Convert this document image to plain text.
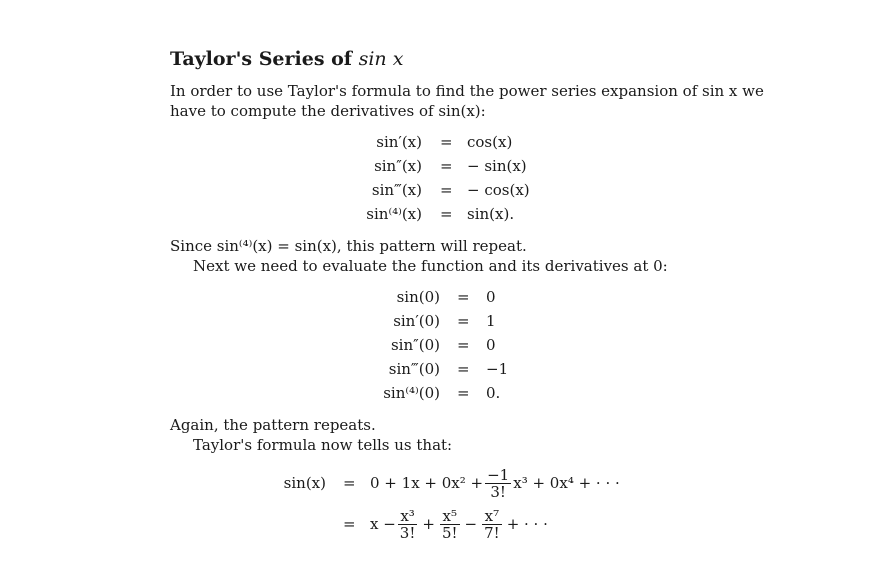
Taylor's Series of sin x
In order to use Taylor's formula to find the power series expansion of sin x we
have to compute the derivatives of sin(x):
sin′(x) = cos(x)
sin″(x) = − sin(x)
sin‴(x) = − cos(x)
sin⁽⁴⁾(x) = sin(x).
Since sin⁽⁴⁾(x) = sin(x), this pattern will repeat.
Next we need to evaluate the function and its derivatives at 0:
sin(0) = 0
sin′(0) = 1
sin″(0) = 0
sin‴(0) = −1
sin⁽⁴⁾(0) = 0.
Again, the pattern repeats.
Taylor's formula now tells us that:
$\sin(x) = 0 + 1x + 0x^2 + \frac{-1}{3!} x^3 + 0x^4$ + · · ·
= $x - \frac{\text{x³}}{3!} + \frac{\text{x⁵}}{5!} - \frac{\text{x⁷}}{7!}$ + · · ·
